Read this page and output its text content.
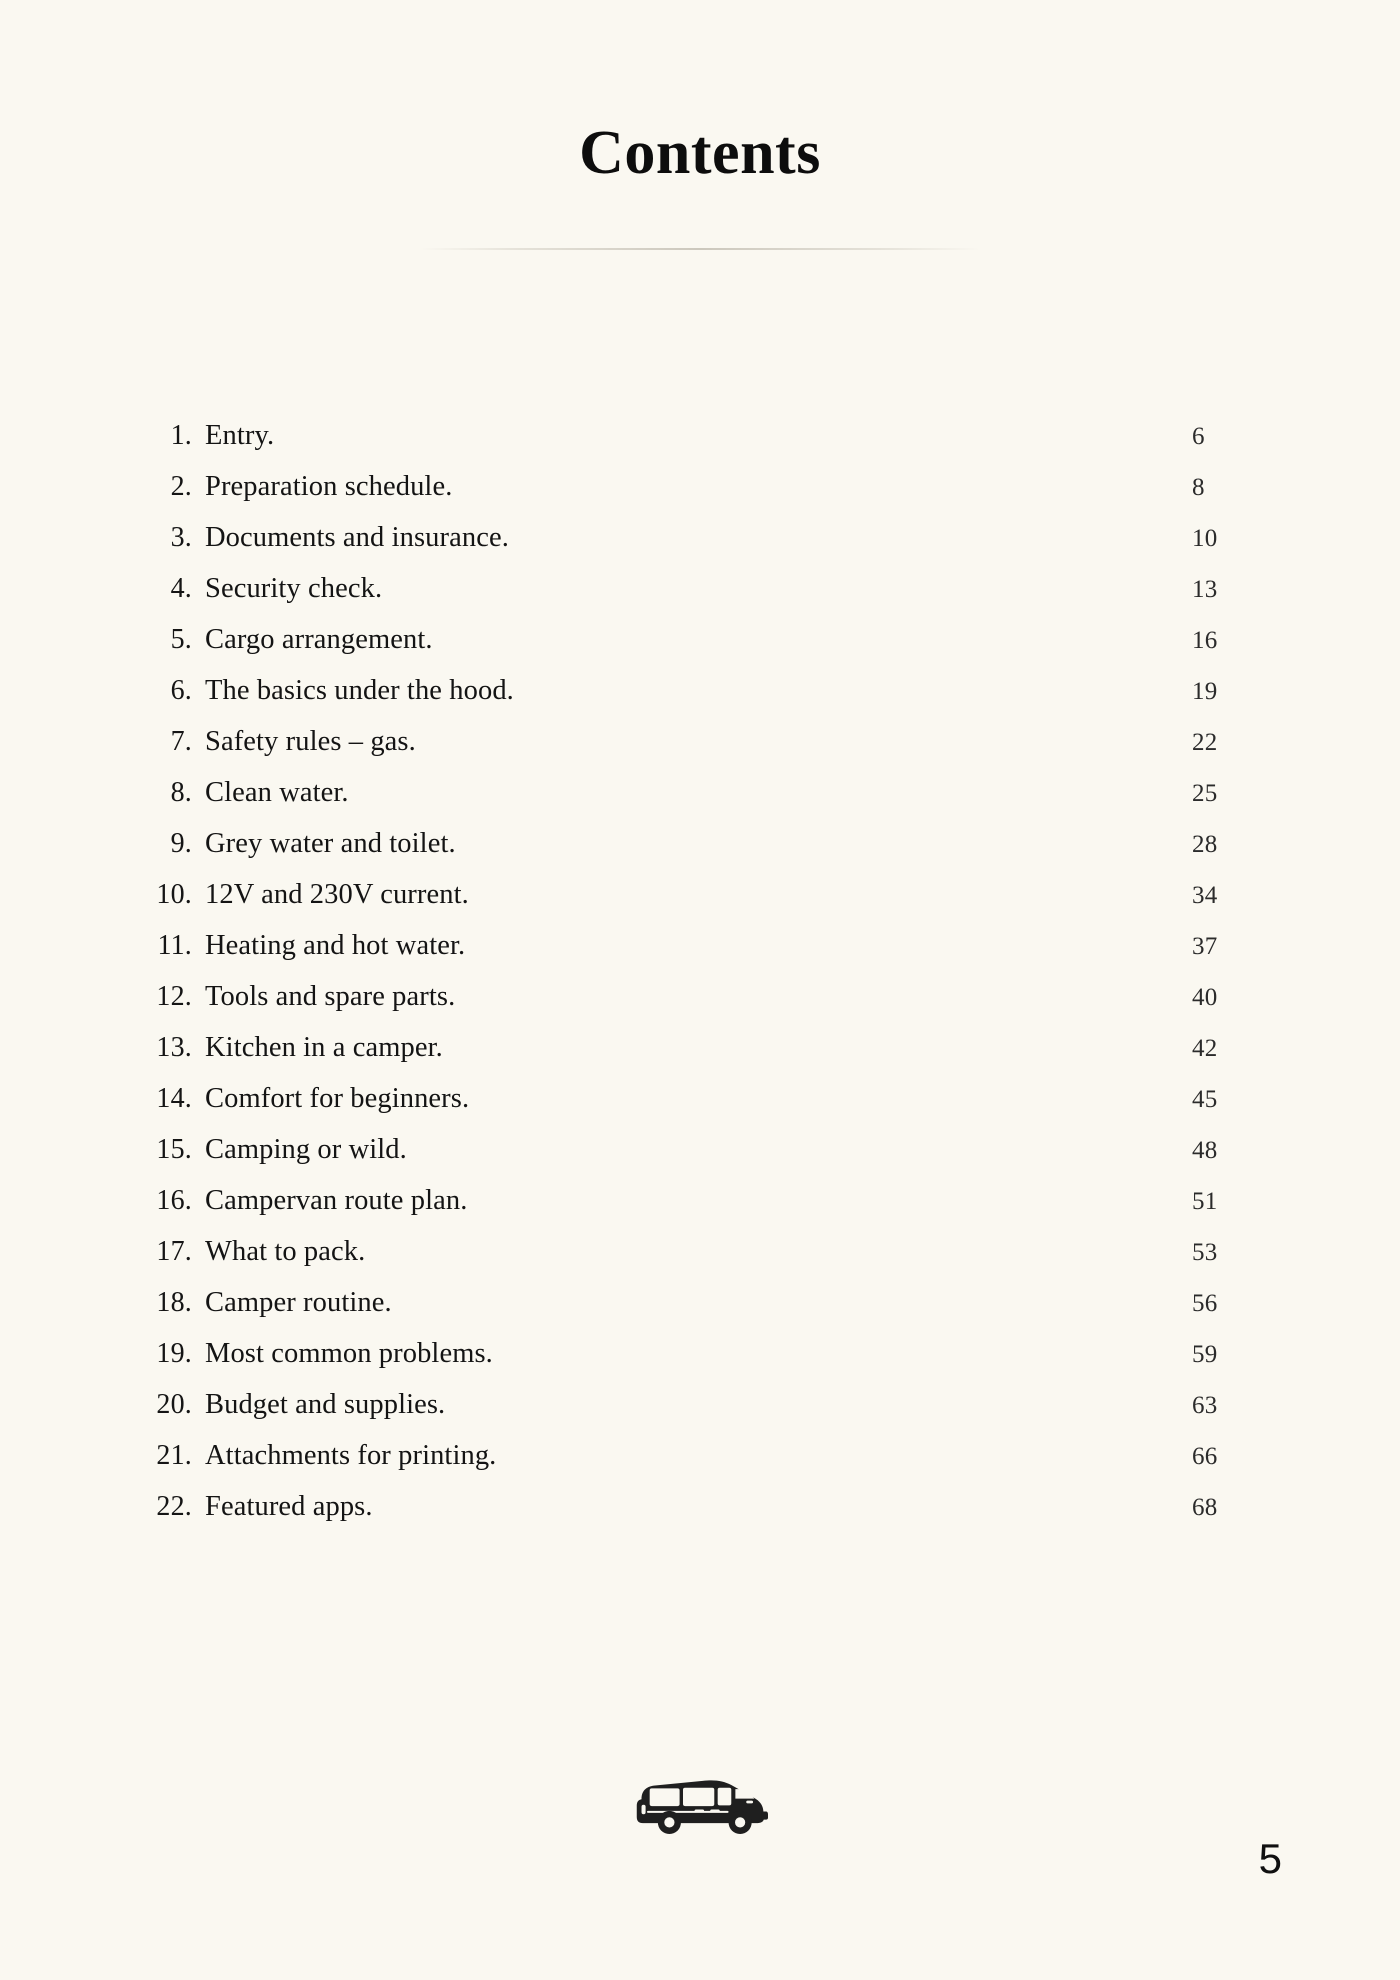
Contents
1. Entry.	6
2. Preparation schedule.	8
3. Documents and insurance.	10
4. Security check.	13
5. Cargo arrangement.	16
6. The basics under the hood.	19
7. Safety rules – gas.	22
8. Clean water.	25
9. Grey water and toilet.	28
10. 12V and 230V current.	34
11. Heating and hot water.	37
12. Tools and spare parts.	40
13. Kitchen in a camper.	42
14. Comfort for beginners.	45
15. Camping or wild.	48
16. Campervan route plan.	51
17. What to pack.	53
18. Camper routine.	56
19. Most common problems.	59
20. Budget and supplies.	63
21. Attachments for printing.	66
22. Featured apps.	68
5
